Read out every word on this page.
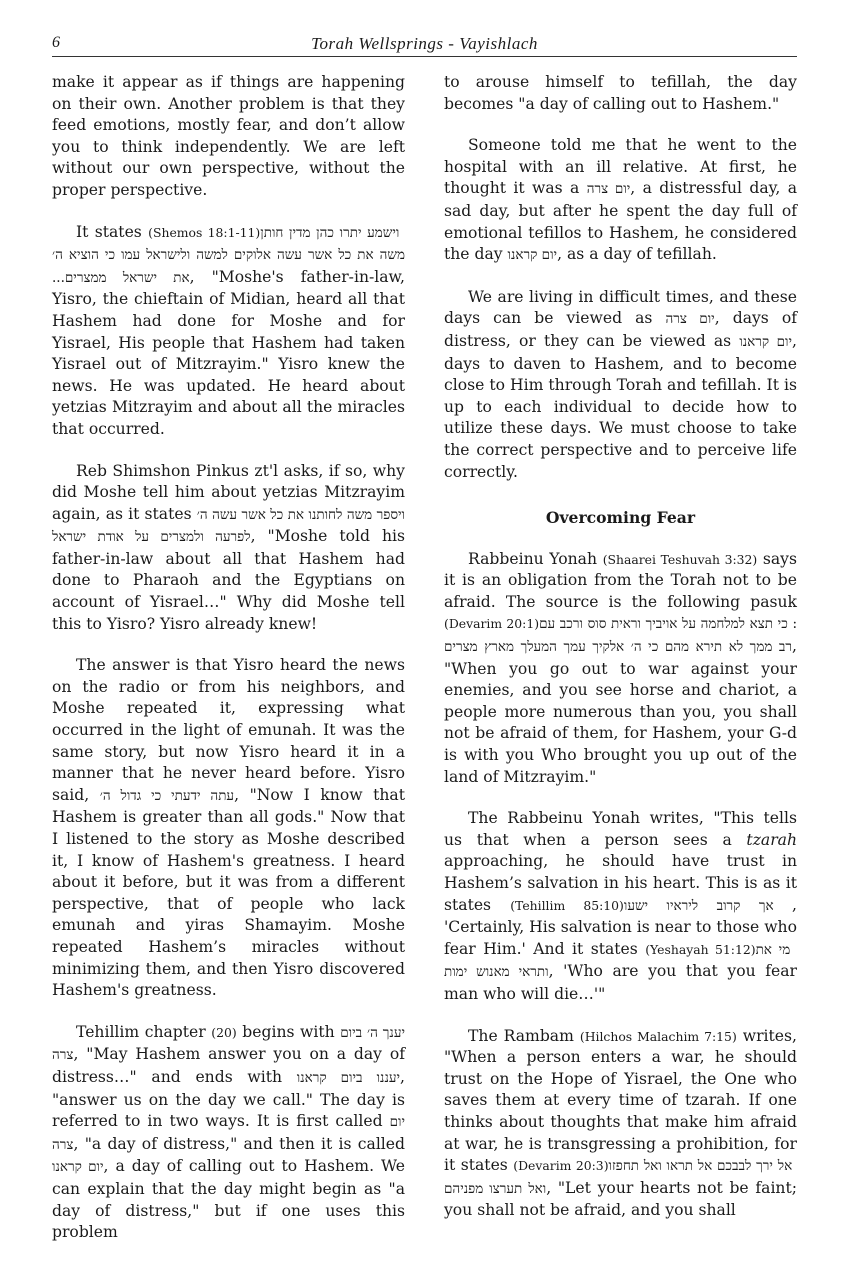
6	Torah Wellsprings - Vayishlach

make it appear as if things are happening on their own. Another problem is that they feed emotions, mostly fear, and don’t allow you to think independently. We are left without our own perspective, without the proper perspective.

It states (Shemos 18:1-11) וישמע יתרו כהן מדין חותן משה את כל אשר עשה אלוקים למשה ולישראל עמו כי הוציא ה׳ את ישראל ממצרים..., "Moshe's father-in-law, Yisro, the chieftain of Midian, heard all that Hashem had done for Moshe and for Yisrael, His people that Hashem had taken Yisrael out of Mitzrayim." Yisro knew the news. He was updated. He heard about yetzias Mitzrayim and about all the miracles that occurred.

Reb Shimshon Pinkus zt'l asks, if so, why did Moshe tell him about yetzias Mitzrayim again, as it states ויספר משה לחותנו את כל אשר עשה ה׳ לפרעה ולמצרים על אודת ישראל, "Moshe told his father-in-law about all that Hashem had done to Pharaoh and the Egyptians on account of Yisrael…" Why did Moshe tell this to Yisro? Yisro already knew!

The answer is that Yisro heard the news on the radio or from his neighbors, and Moshe repeated it, expressing what occurred in the light of emunah. It was the same story, but now Yisro heard it in a manner that he never heard before. Yisro said, עתה ידעתי כי גדול ה׳, "Now I know that Hashem is greater than all gods." Now that I listened to the story as Moshe described it, I know of Hashem's greatness. I heard about it before, but it was from a different perspective, that of people who lack emunah and yiras Shamayim. Moshe repeated Hashem’s miracles without minimizing them, and then Yisro discovered Hashem's greatness.

Tehillim chapter (20) begins with יענך ה׳ ביום צרה, "May Hashem answer you on a day of distress…" and ends with יעננו ביום קראנו, "answer us on the day we call." The day is referred to in two ways. It is first called יום צרה, "a day of distress," and then it is called יום קראנו, a day of calling out to Hashem. We can explain that the day might begin as "a day of distress," but if one uses this problem

to arouse himself to tefillah, the day becomes "a day of calling out to Hashem."

Someone told me that he went to the hospital with an ill relative. At first, he thought it was a יום צרה, a distressful day, a sad day, but after he spent the day full of emotional tefillos to Hashem, he considered the day יום קראנו, as a day of tefillah.

We are living in difficult times, and these days can be viewed as יום צרה, days of distress, or they can be viewed as יום קראנו, days to daven to Hashem, and to become close to Him through Torah and tefillah. It is up to each individual to decide how to utilize these days. We must choose to take the correct perspective and to perceive life correctly.

Overcoming Fear

Rabbeinu Yonah (Shaarei Teshuvah 3:32) says it is an obligation from the Torah not to be afraid. The source is the following pasuk (Devarim 20:1): כי תצא למלחמה על אויביך וראית סוס ורכב עם רב ממך לא תירא מהם כי ה׳ אלקיך עמך המעלך מארץ מצרים, "When you go out to war against your enemies, and you see horse and chariot, a people more numerous than you, you shall not be afraid of them, for Hashem, your G-d is with you Who brought you up out of the land of Mitzrayim."

The Rabbeinu Yonah writes, "This tells us that when a person sees a tzarah approaching, he should have trust in Hashem’s salvation in his heart. This is as it states (Tehillim 85:10) אך קרוב ליראיו ישעו, 'Certainly, His salvation is near to those who fear Him.' And it states (Yeshayah 51:12) מי את ותראי מאנוש ימות, 'Who are you that you fear man who will die…'"

The Rambam (Hilchos Malachim 7:15) writes, "When a person enters a war, he should trust on the Hope of Yisrael, the One who saves them at every time of tzarah. If one thinks about thoughts that make him afraid at war, he is transgressing a prohibition, for it states (Devarim 20:3) אל ירך לבבכם אל תראו ואל תחפזו ואל תערצו מפניהם, "Let your hearts not be faint; you shall not be afraid, and you shall
